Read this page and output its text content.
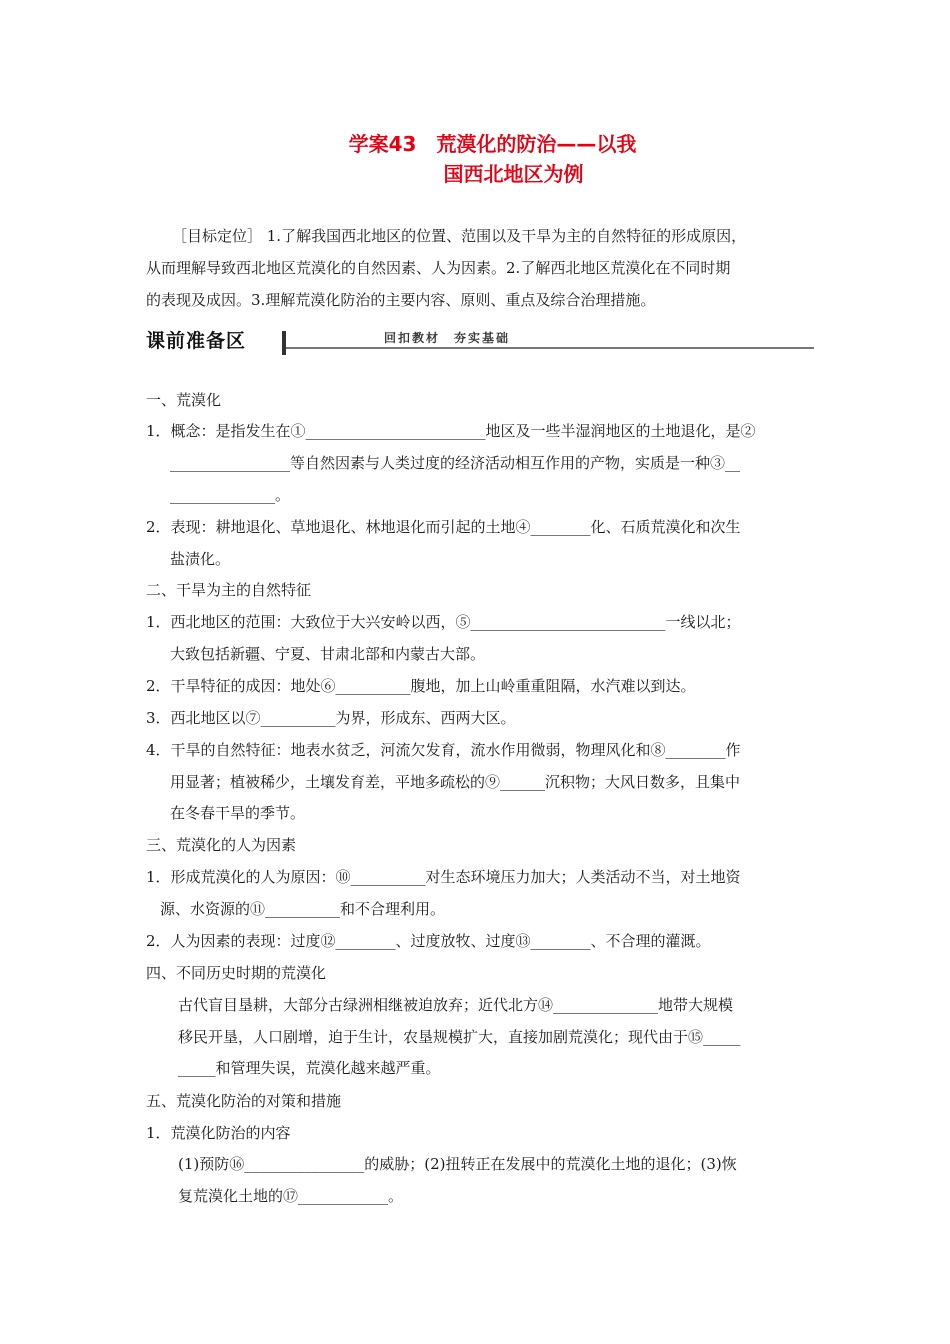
学案43　荒漠化的防治——以我
国西北地区为例
［目标定位］ 1.了解我国西北地区的位置、范围以及干旱为主的自然特征的形成原因，
从而理解导致西北地区荒漠化的自然因素、人为因素。2.了解西北地区荒漠化在不同时期
的表现及成因。3.理解荒漠化防治的主要内容、原则、重点及综合治理措施。
课前准备区	回扣教材　夯实基础
一、荒漠化
1．概念：是指发生在①________________________地区及一些半湿润地区的土地退化，是②
________________等自然因素与人类过度的经济活动相互作用的产物，实质是一种③__
______________。
2．表现：耕地退化、草地退化、林地退化而引起的土地④________化、石质荒漠化和次生
盐渍化。
二、干旱为主的自然特征
1．西北地区的范围：大致位于大兴安岭以西，⑤__________________________一线以北；
大致包括新疆、宁夏、甘肃北部和内蒙古大部。
2．干旱特征的成因：地处⑥__________腹地，加上山岭重重阻隔，水汽难以到达。
3．西北地区以⑦__________为界，形成东、西两大区。
4．干旱的自然特征：地表水贫乏，河流欠发育，流水作用微弱，物理风化和⑧________作
用显著；植被稀少，土壤发育差，平地多疏松的⑨______沉积物；大风日数多，且集中
在冬春干旱的季节。
三、荒漠化的人为因素
1．形成荒漠化的人为原因：⑩__________对生态环境压力加大；人类活动不当，对土地资
源、水资源的⑪__________和不合理利用。
2．人为因素的表现：过度⑫________、过度放牧、过度⑬________、不合理的灌溉。
四、不同历史时期的荒漠化
古代盲目垦耕，大部分古绿洲相继被迫放弃；近代北方⑭______________地带大规模
移民开垦，人口剧增，迫于生计，农垦规模扩大，直接加剧荒漠化；现代由于⑮_____
_____和管理失误，荒漠化越来越严重。
五、荒漠化防治的对策和措施
1．荒漠化防治的内容
(1)预防⑯________________的威胁；(2)扭转正在发展中的荒漠化土地的退化；(3)恢
复荒漠化土地的⑰____________。
